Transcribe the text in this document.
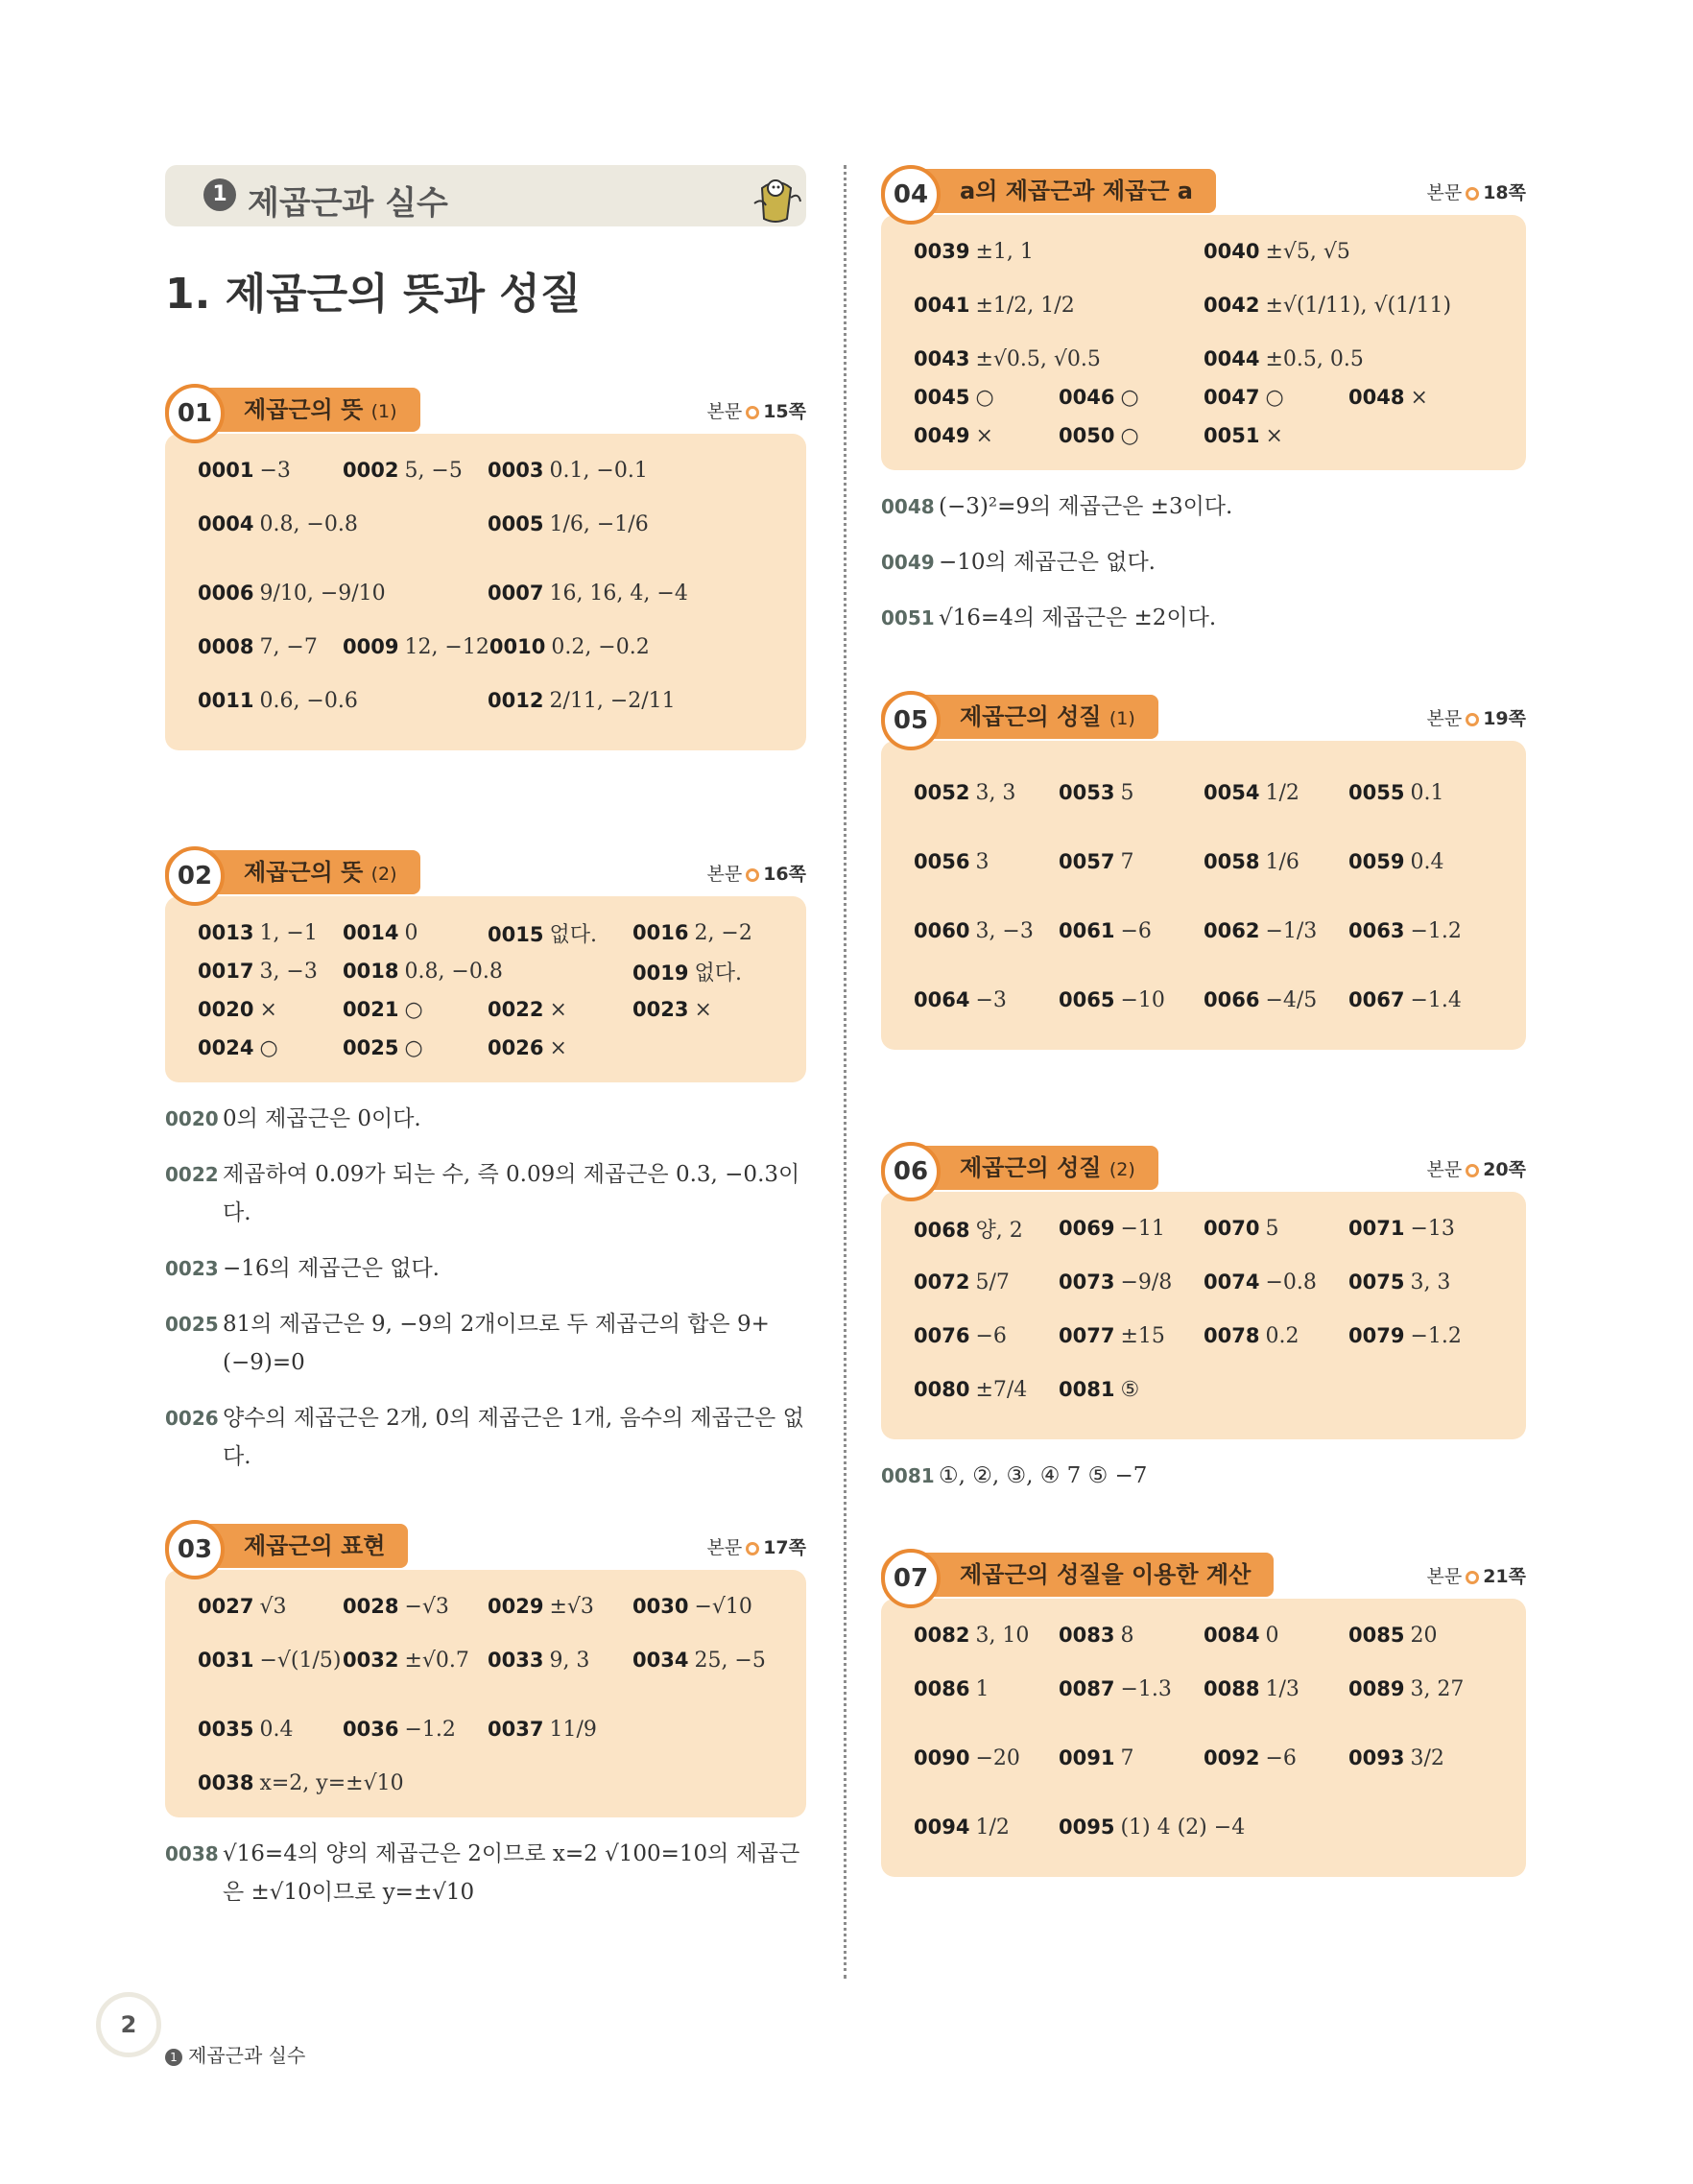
1 제곱근과 실수
1. 제곱근의 뜻과 성질
제곱근의 뜻 (1)
01	본문 15쪽
0001 −3	0002 5, −5	0003 0.1, −0.1
0004 0.8, −0.8	0005 1/6, −1/6
0006 9/10, −9/10	0007 16, 16, 4, −4
0008 7, −7	0009 12, −12 0010 0.2, −0.2
0011 0.6, −0.6	0012 2/11, −2/11
제곱근의 뜻 (2)
02	본문 16쪽
0013 1, −1	0014 0	0015 없다.	0016 2, −2
0017 3, −3	0018 0.8, −0.8	0019 없다.
0020 ×	0021 ○	0022 ×	0023 ×
0024 ○	0025 ○	0026 ×
0020 0의 제곱근은 0이다.
0022 제곱하여 0.09가 되는 수, 즉 0.09의 제곱근은 0.3, −0.3이다.
0023 −16의 제곱근은 없다.
0025 81의 제곱근은 9, −9의 2개이므로 두 제곱근의 합은 9+(−9)=0
0026 양수의 제곱근은 2개, 0의 제곱근은 1개, 음수의 제곱근은 없다.
제곱근의 표현
03	본문 17쪽
0027 √3	0028 −√3	0029 ±√3	0030 −√10
0031 −√(1/5) 0032 ±√0.7 0033 9, 3	0034 25, −5
0035 0.4	0036 −1.2	0037 11/9
0038 x=2, y=±√10
0038 √16=4의 양의 제곱근은 2이므로 x=2 √100=10의 제곱근은 ±√10이므로 y=±√10
a의 제곱근과 제곱근 a
04	본문 18쪽
0039 ±1, 1	0040 ±√5, √5
0041 ±1/2, 1/2	0042 ±√(1/11), √(1/11)
0043 ±√0.5, √0.5	0044 ±0.5, 0.5
0045 ○	0046 ○	0047 ○	0048 ×
0049 ×	0050 ○	0051 ×
0048 (−3)²=9의 제곱근은 ±3이다.
0049 −10의 제곱근은 없다.
0051 √16=4의 제곱근은 ±2이다.
제곱근의 성질 (1)
05	본문 19쪽
0052 3, 3	0053 5	0054 1/2	0055 0.1
0056 3	0057 7	0058 1/6	0059 0.4
0060 3, −3	0061 −6	0062 −1/3	0063 −1.2
0064 −3	0065 −10	0066 −4/5	0067 −1.4
제곱근의 성질 (2)
06	본문 20쪽
0068 양, 2	0069 −11	0070 5	0071 −13
0072 5/7	0073 −9/8	0074 −0.8	0075 3, 3
0076 −6	0077 ±15	0078 0.2	0079 −1.2
0080 ±7/4	0081 ⑤
0081 ①, ②, ③, ④ 7 ⑤ −7
제곱근의 성질을 이용한 계산
07	본문 21쪽
0082 3, 10	0083 8	0084 0	0085 20
0086 1	0087 −1.3	0088 1/3	0089 3, 27
0090 −20	0091 7	0092 −6	0093 3/2
0094 1/2	0095 (1) 4 (2) −4
2
1 제곱근과 실수
